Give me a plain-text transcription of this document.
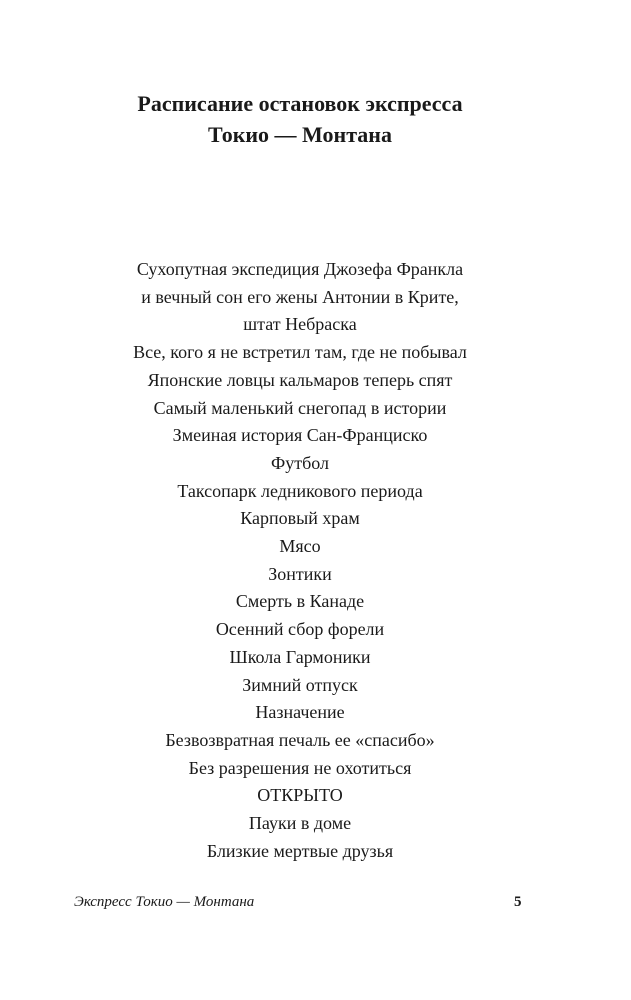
Расписание остановок экспресса
Токио — Монтана
Сухопутная экспедиция Джозефа Франкла
и вечный сон его жены Антонии в Крите,
штат Небраска
Все, кого я не встретил там, где не побывал
Японские ловцы кальмаров теперь спят
Самый маленький снегопад в истории
Змеиная история Сан-Франциско
Футбол
Таксопарк ледникового периода
Карповый храм
Мясо
Зонтики
Смерть в Канаде
Осенний сбор форели
Школа Гармоники
Зимний отпуск
Назначение
Безвозвратная печаль ее «спасибо»
Без разрешения не охотиться
ОТКРЫТО
Пауки в доме
Близкие мертвые друзья
Экспресс Токио — Монтана	5
